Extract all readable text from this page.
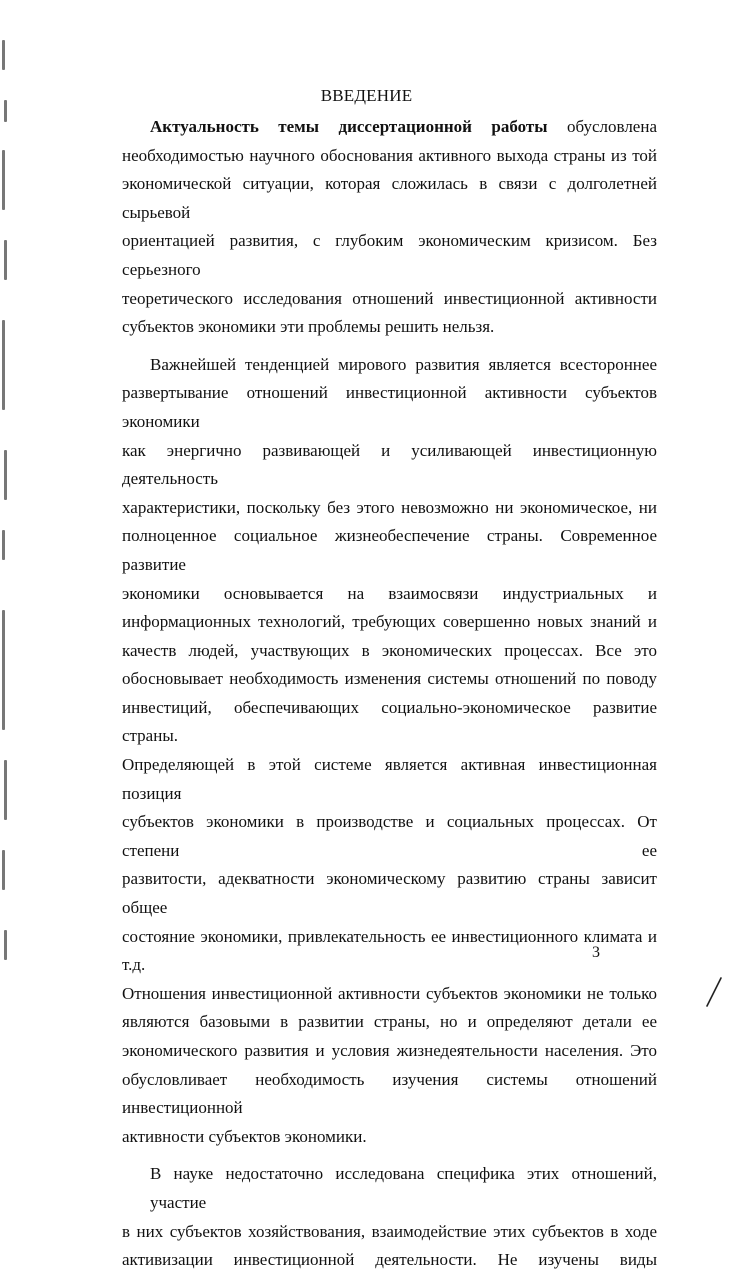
ВВЕДЕНИЕ

Актуальность темы диссертационной работы обусловлена
необходимостью научного обоснования активного выхода страны из той
экономической ситуации, которая сложилась в связи с долголетней сырьевой
ориентацией развития, с глубоким экономическим кризисом. Без серьезного
теоретического исследования отношений инвестиционной активности
субъектов экономики эти проблемы решить нельзя.

Важнейшей тенденцией мирового развития является всестороннее
развертывание отношений инвестиционной активности субъектов экономики
как энергично развивающей и усиливающей инвестиционную деятельность
характеристики, поскольку без этого невозможно ни экономическое, ни
полноценное социальное жизнеобеспечение страны. Современное развитие
экономики основывается на взаимосвязи индустриальных и
информационных технологий, требующих совершенно новых знаний и
качеств людей, участвующих в экономических процессах. Все это
обосновывает необходимость изменения системы отношений по поводу
инвестиций, обеспечивающих социально-экономическое развитие страны.
Определяющей в этой системе является активная инвестиционная позиция
субъектов экономики в производстве и социальных процессах. От степени ее
развитости, адекватности экономическому развитию страны зависит общее
состояние экономики, привлекательность ее инвестиционного климата и т.д.
Отношения инвестиционной активности субъектов экономики не только
являются базовыми в развитии страны, но и определяют детали ее
экономического развития и условия жизнедеятельности населения. Это
обусловливает необходимость изучения системы отношений инвестиционной
активности субъектов экономики.

В науке недостаточно исследована специфика этих отношений, участие
в них субъектов хозяйствования, взаимодействие этих субъектов в ходе
активизации инвестиционной деятельности. Не изучены виды

3
